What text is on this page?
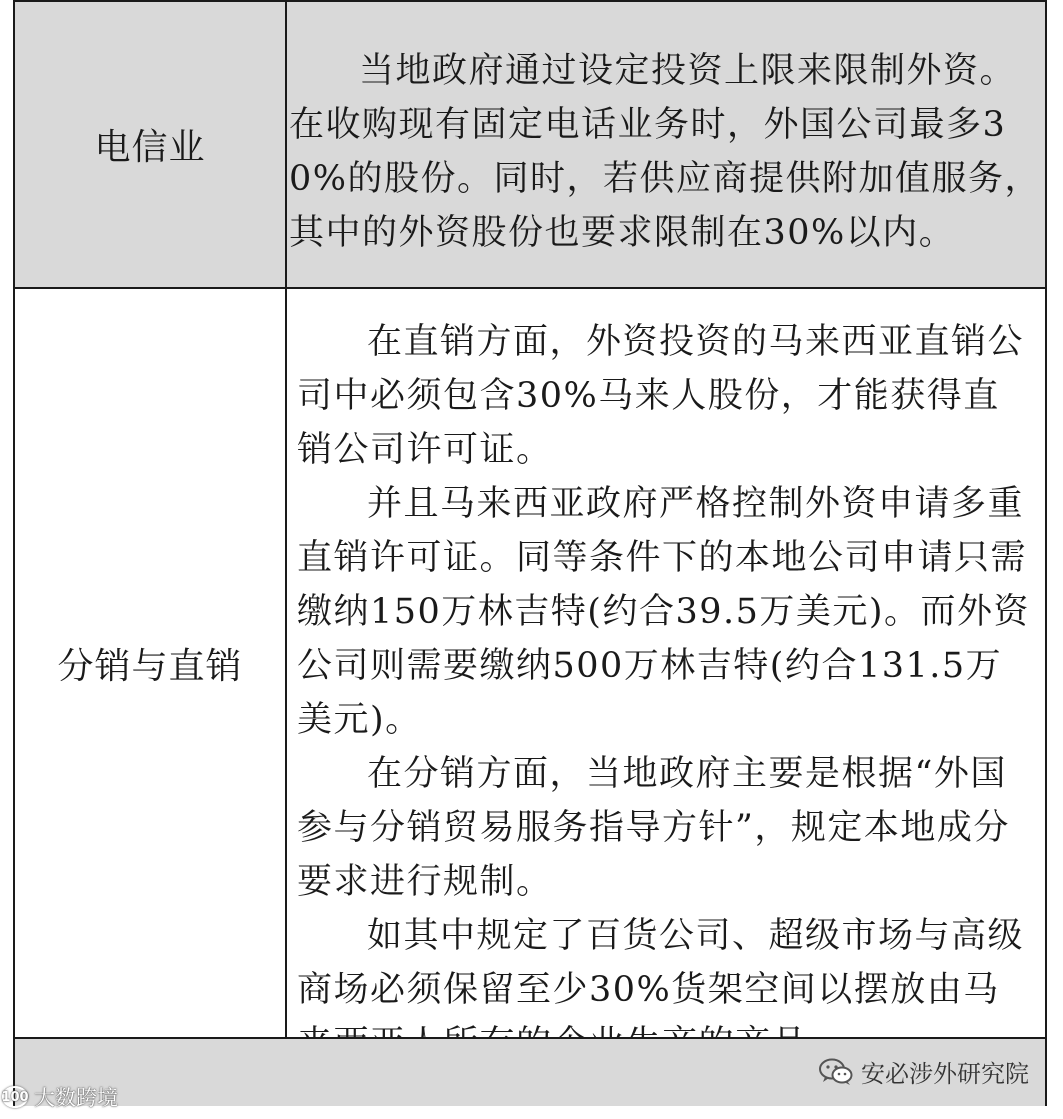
电信业

当地政府通过设定投资上限来限制外资。在收购现有固定电话业务时，外国公司最多30%的股份。同时，若供应商提供附加值服务，其中的外资股份也要求限制在30%以内。

分销与直销

在直销方面，外资投资的马来西亚直销公司中必须包含30%马来人股份，才能获得直销公司许可证。

并且马来西亚政府严格控制外资申请多重直销许可证。同等条件下的本地公司申请只需缴纳150万林吉特(约合39.5万美元)。而外资公司则需要缴纳500万林吉特(约合131.5万美元)。

在分销方面，当地政府主要是根据“外国参与分销贸易服务指导方针”，规定本地成分要求进行规制。

如其中规定了百货公司、超级市场与高级商场必须保留至少30%货架空间以摆放由马

100 大数跨境
安必涉外研究院
